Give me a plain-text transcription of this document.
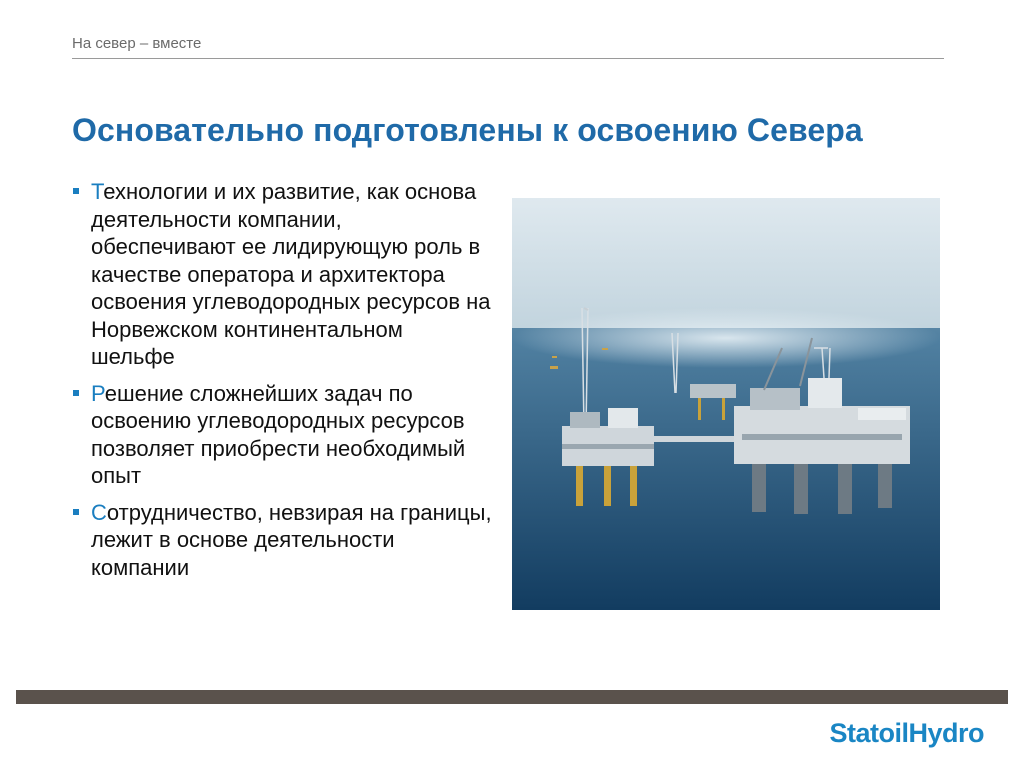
На север – вместе
Основательно подготовлены к освоению Севера
Технологии и их развитие, как основа деятельности компании, обеспечивают ее лидирующую роль в качестве оператора и архитектора освоения углеводородных ресурсов на Норвежском континентальном шельфе
Решение сложнейших задач по освоению углеводородных ресурсов позволяет приобрести необходимый опыт
Сотрудничество, невзирая на границы, лежит в основе деятельности компании
StatoilHydro
